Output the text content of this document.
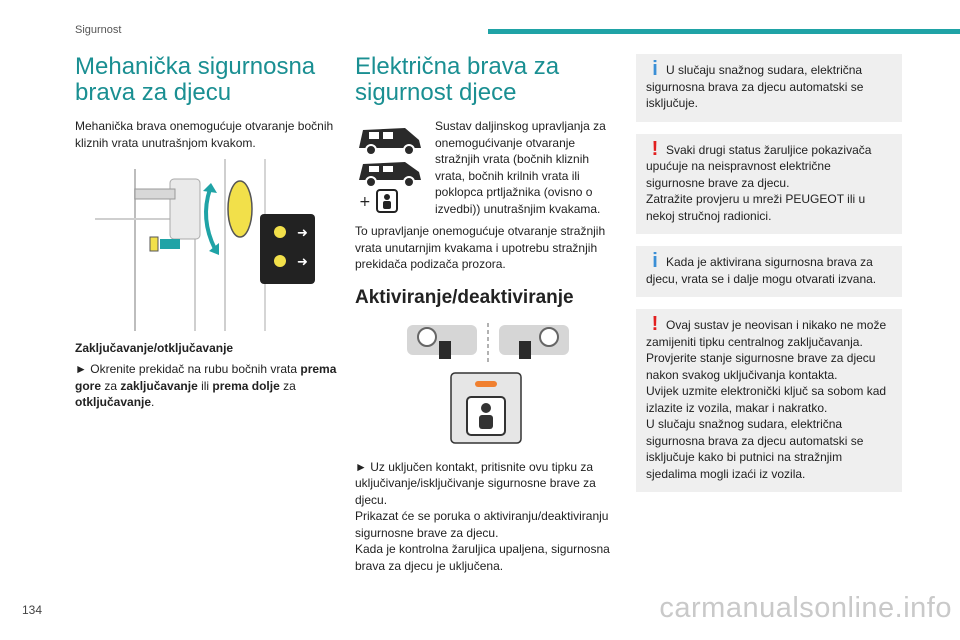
Sigurnost
Mehanička sigurnosna brava za djecu

Mehanička brava onemogućuje otvaranje bočnih kliznih vrata unutrašnjom kvakom.

➜
➜
Zaključavanje/otključavanje

► Okrenite prekidač na rubu bočnih vrata prema gore za zaključavanje ili prema dolje za otključavanje.

Električna brava za sigurnost djece
+

Sustav daljinskog upravljanja za onemogućivanje otvaranje stražnjih vrata (bočnih kliznih vrata, bočnih krilnih vrata ili poklopca prtljažnika (ovisno o izvedbi)) unutrašnjim kvakama.

To upravljanje onemogućuje otvaranje stražnjih vrata unutarnjim kvakama i upotrebu stražnjih prekidača podizača prozora.

Aktiviranje/deaktiviranje

► Uz uključen kontakt, pritisnite ovu tipku za uključivanje/isključivanje sigurnosne brave za djecu.
Prikazat će se poruka o aktiviranju/deaktiviranju sigurnosne brave za djecu.
Kada je kontrolna žaruljica upaljena, sigurnosna brava za djecu je uključena.

i U slučaju snažnog sudara, električna sigurnosna brava za djecu automatski se isključuje.

! Svaki drugi status žaruljice pokazivača upućuje na neispravnost električne sigurnosne brave za djecu.

Zatražite provjeru u mreži PEUGEOT ili u nekoj stručnoj radionici.

i Kada je aktivirana sigurnosna brava za djecu, vrata se i dalje mogu otvarati izvana.

! Ovaj sustav je neovisan i nikako ne može zamijeniti tipku centralnog zaključavanja.

Provjerite stanje sigurnosne brave za djecu nakon svakog uključivanja kontakta.

Uvijek uzmite elektronički ključ sa sobom kad izlazite iz vozila, makar i nakratko.

U slučaju snažnog sudara, električna sigurnosna brava za djecu automatski se isključuje kako bi putnici na stražnjim sjedalima mogli izaći iz vozila.

134	carmanualsonline.info
